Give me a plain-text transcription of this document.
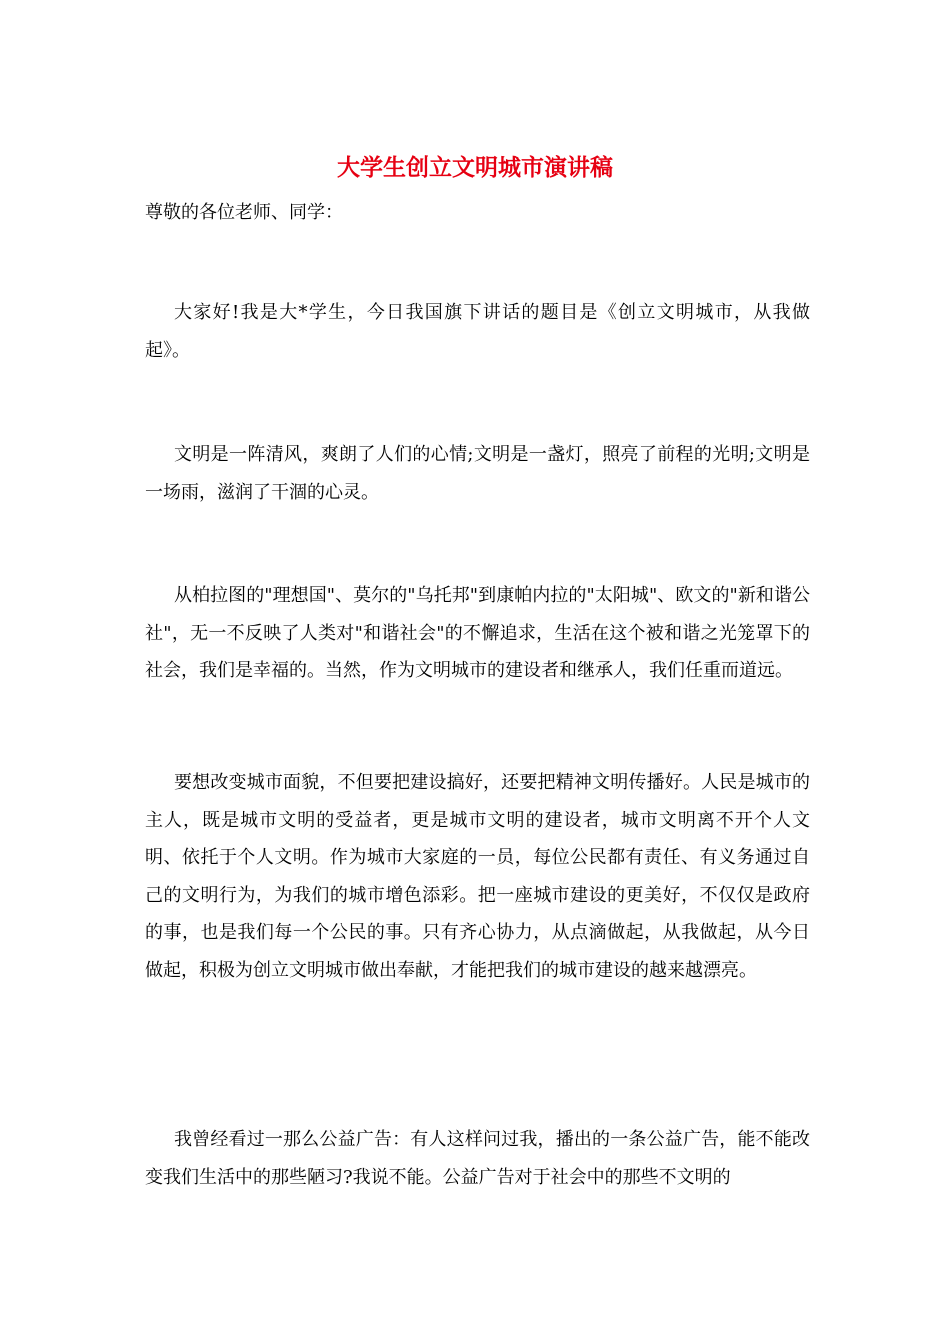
大学生创立文明城市演讲稿

尊敬的各位老师、同学：

大家好!我是大*学生，今日我国旗下讲话的题目是《创立文明城市，从我做起》。

文明是一阵清风，爽朗了人们的心情;文明是一盏灯，照亮了前程的光明;文明是一场雨，滋润了干涸的心灵。

从柏拉图的"理想国"、莫尔的"乌托邦"到康帕内拉的"太阳城"、欧文的"新和谐公社"，无一不反映了人类对"和谐社会"的不懈追求，生活在这个被和谐之光笼罩下的社会，我们是幸福的。当然，作为文明城市的建设者和继承人，我们任重而道远。

要想改变城市面貌，不但要把建设搞好，还要把精神文明传播好。人民是城市的主人，既是城市文明的受益者，更是城市文明的建设者，城市文明离不开个人文明、依托于个人文明。作为城市大家庭的一员，每位公民都有责任、有义务通过自己的文明行为，为我们的城市增色添彩。把一座城市建设的更美好，不仅仅是政府的事，也是我们每一个公民的事。只有齐心协力，从点滴做起，从我做起，从今日做起，积极为创立文明城市做出奉献，才能把我们的城市建设的越来越漂亮。

我曾经看过一那么公益广告：有人这样问过我，播出的一条公益广告，能不能改变我们生活中的那些陋习?我说不能。公益广告对于社会中的那些不文明的
